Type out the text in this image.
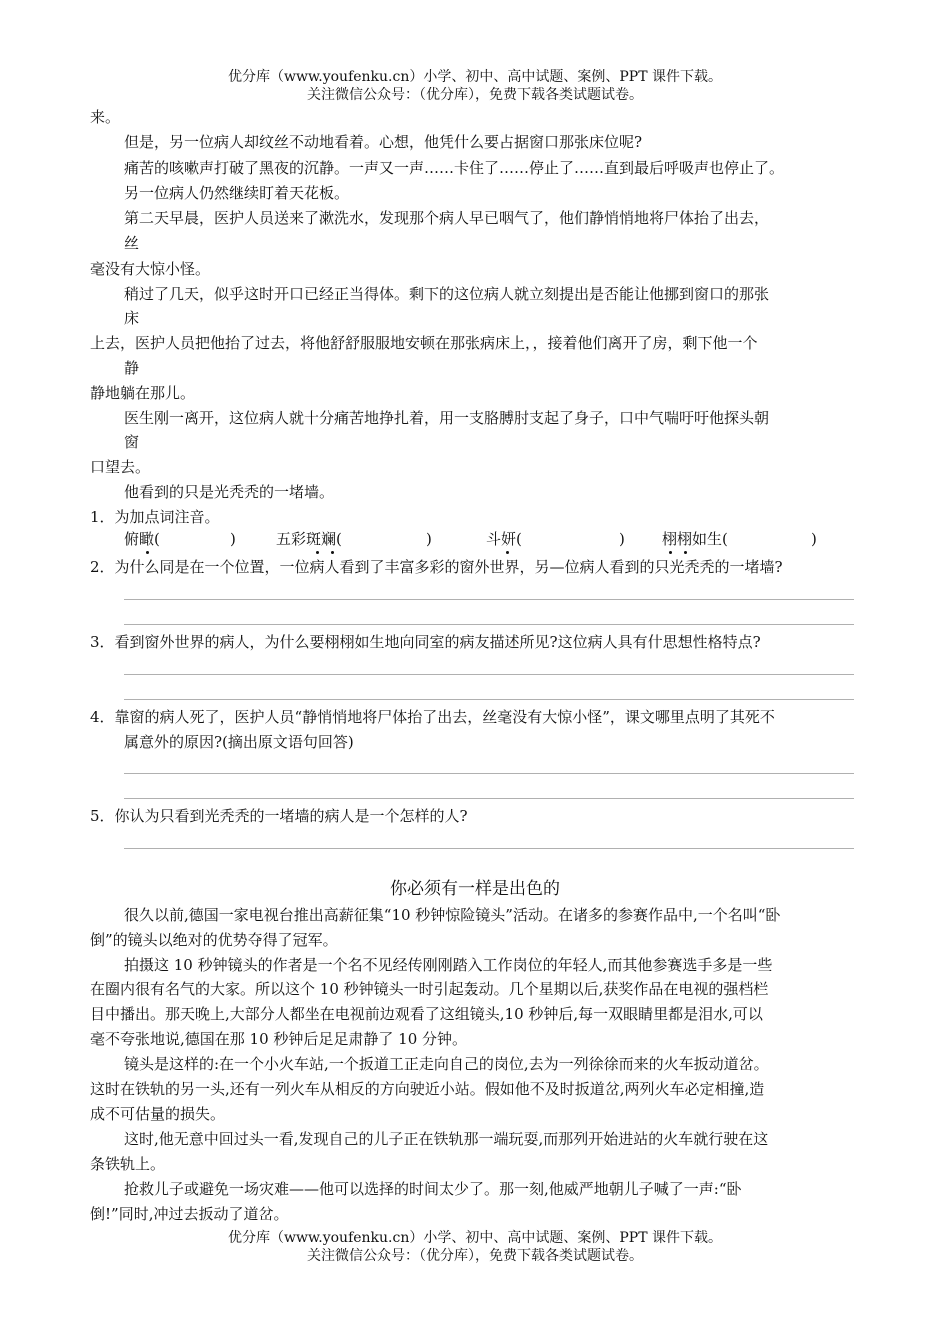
优分库（www.youfenku.cn）小学、初中、高中试题、案例、PPT 课件下载。
关注微信公众号：（优分库），免费下载各类试题试卷。
来。
但是，另一位病人却纹丝不动地看着。心想，他凭什么要占据窗口那张床位呢?
痛苦的咳嗽声打破了黑夜的沉静。一声又一声……卡住了……停止了……直到最后呼吸声也停止了。
另一位病人仍然继续盯着天花板。
第二天早晨，医护人员送来了漱洗水，发现那个病人早已咽气了，他们静悄悄地将尸体抬了出去，
丝
毫没有大惊小怪。
稍过了几天，似乎这时开口已经正当得体。剩下的这位病人就立刻提出是否能让他挪到窗口的那张
床
上去，医护人员把他抬了过去，将他舒舒服服地安顿在那张病床上，，接着他们离开了房，剩下他一个
静
静地躺在那儿。
医生刚一离开，这位病人就十分痛苦地挣扎着，用一支胳膊肘支起了身子，口中气喘吁吁他探头朝
窗
口望去。
他看到的只是光秃秃的一堵墙。
1．为加点词注音。
俯瞰(	)	五彩斑斓(	)	斗妍(	) 栩栩如生(	)
2．为什么同是在一个位置，一位病人看到了丰富多彩的窗外世界，另—位病人看到的只光秃秃的一堵墙?
3．看到窗外世界的病人，为什么要栩栩如生地向同室的病友描述所见?这位病人具有什思想性格特点?
4．靠窗的病人死了，医护人员“静悄悄地将尸体抬了出去，丝毫没有大惊小怪”，课文哪里点明了其死不
属意外的原因?(摘出原文语句回答)
5．你认为只看到光秃秃的一堵墙的病人是一个怎样的人?
你必须有一样是出色的
很久以前,德国一家电视台推出高薪征集“10 秒钟惊险镜头”活动。在诸多的参赛作品中,一个名叫“卧
倒”的镜头以绝对的优势夺得了冠军。
拍摄这 10 秒钟镜头的作者是一个名不见经传刚刚踏入工作岗位的年轻人,而其他参赛选手多是一些
在圈内很有名气的大家。所以这个 10 秒钟镜头一时引起轰动。几个星期以后,获奖作品在电视的强档栏
目中播出。那天晚上,大部分人都坐在电视前边观看了这组镜头,10 秒钟后,每一双眼睛里都是泪水,可以
毫不夸张地说,德国在那 10 秒钟后足足肃静了 10 分钟。
镜头是这样的:在一个小火车站,一个扳道工正走向自己的岗位,去为一列徐徐而来的火车扳动道岔。
这时在铁轨的另一头,还有一列火车从相反的方向驶近小站。假如他不及时扳道岔,两列火车必定相撞,造
成不可估量的损失。
这时,他无意中回过头一看,发现自己的儿子正在铁轨那一端玩耍,而那列开始进站的火车就行驶在这
条铁轨上。
抢救儿子或避免一场灾难——他可以选择的时间太少了。那一刻,他威严地朝儿子喊了一声:“卧
倒!”同时,冲过去扳动了道岔。
优分库（www.youfenku.cn）小学、初中、高中试题、案例、PPT 课件下载。
关注微信公众号：（优分库），免费下载各类试题试卷。
